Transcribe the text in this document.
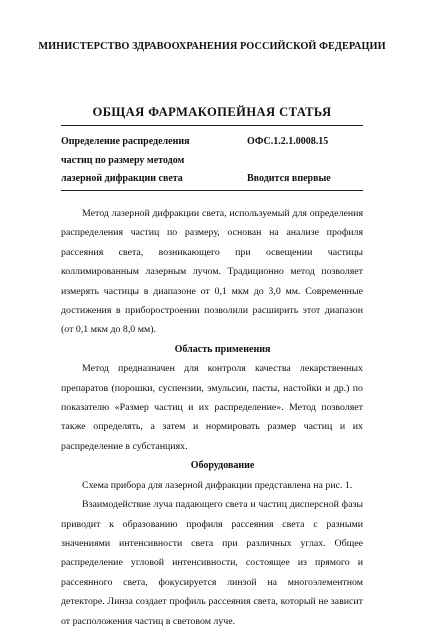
МИНИСТЕРСТВО ЗДРАВООХРАНЕНИЯ РОССИЙСКОЙ ФЕДЕРАЦИИ
ОБЩАЯ ФАРМАКОПЕЙНАЯ СТАТЬЯ
Определение распределения
частиц по размеру методом
лазерной дифракции света
ОФС.1.2.1.0008.15
Вводится впервые

Метод лазерной дифракции света, используемый для определения распределения частиц по размеру, основан на анализе профиля рассеяния света, возникающего при освещении частицы коллимированным лазерным лучом. Традиционно метод позволяет измерять частицы в диапазоне от 0,1 мкм до 3,0 мм. Современные достижения в приборостроении позволили расширить этот диапазон (от 0,1 мкм до 8,0 мм).

Область применения

Метод предназначен для контроля качества лекарственных препаратов (порошки, суспензии, эмульсии, пасты, настойки и др.) по показателю «Размер частиц и их распределение». Метод позволяет также определять, а затем и нормировать размер частиц и их распределение в субстанциях.

Оборудование

Схема прибора для лазерной дифракции представлена на рис. 1.

Взаимодействие луча падающего света и частиц дисперсной фазы приводит к образованию профиля рассеяния света с разными значениями интенсивности света при различных углах. Общее распределение угловой интенсивности, состоящее из прямого и рассеянного света, фокусируется линзой на многоэлементном детекторе. Линза создает профиль рассеяния света, который не зависит от расположения частиц в световом луче.
